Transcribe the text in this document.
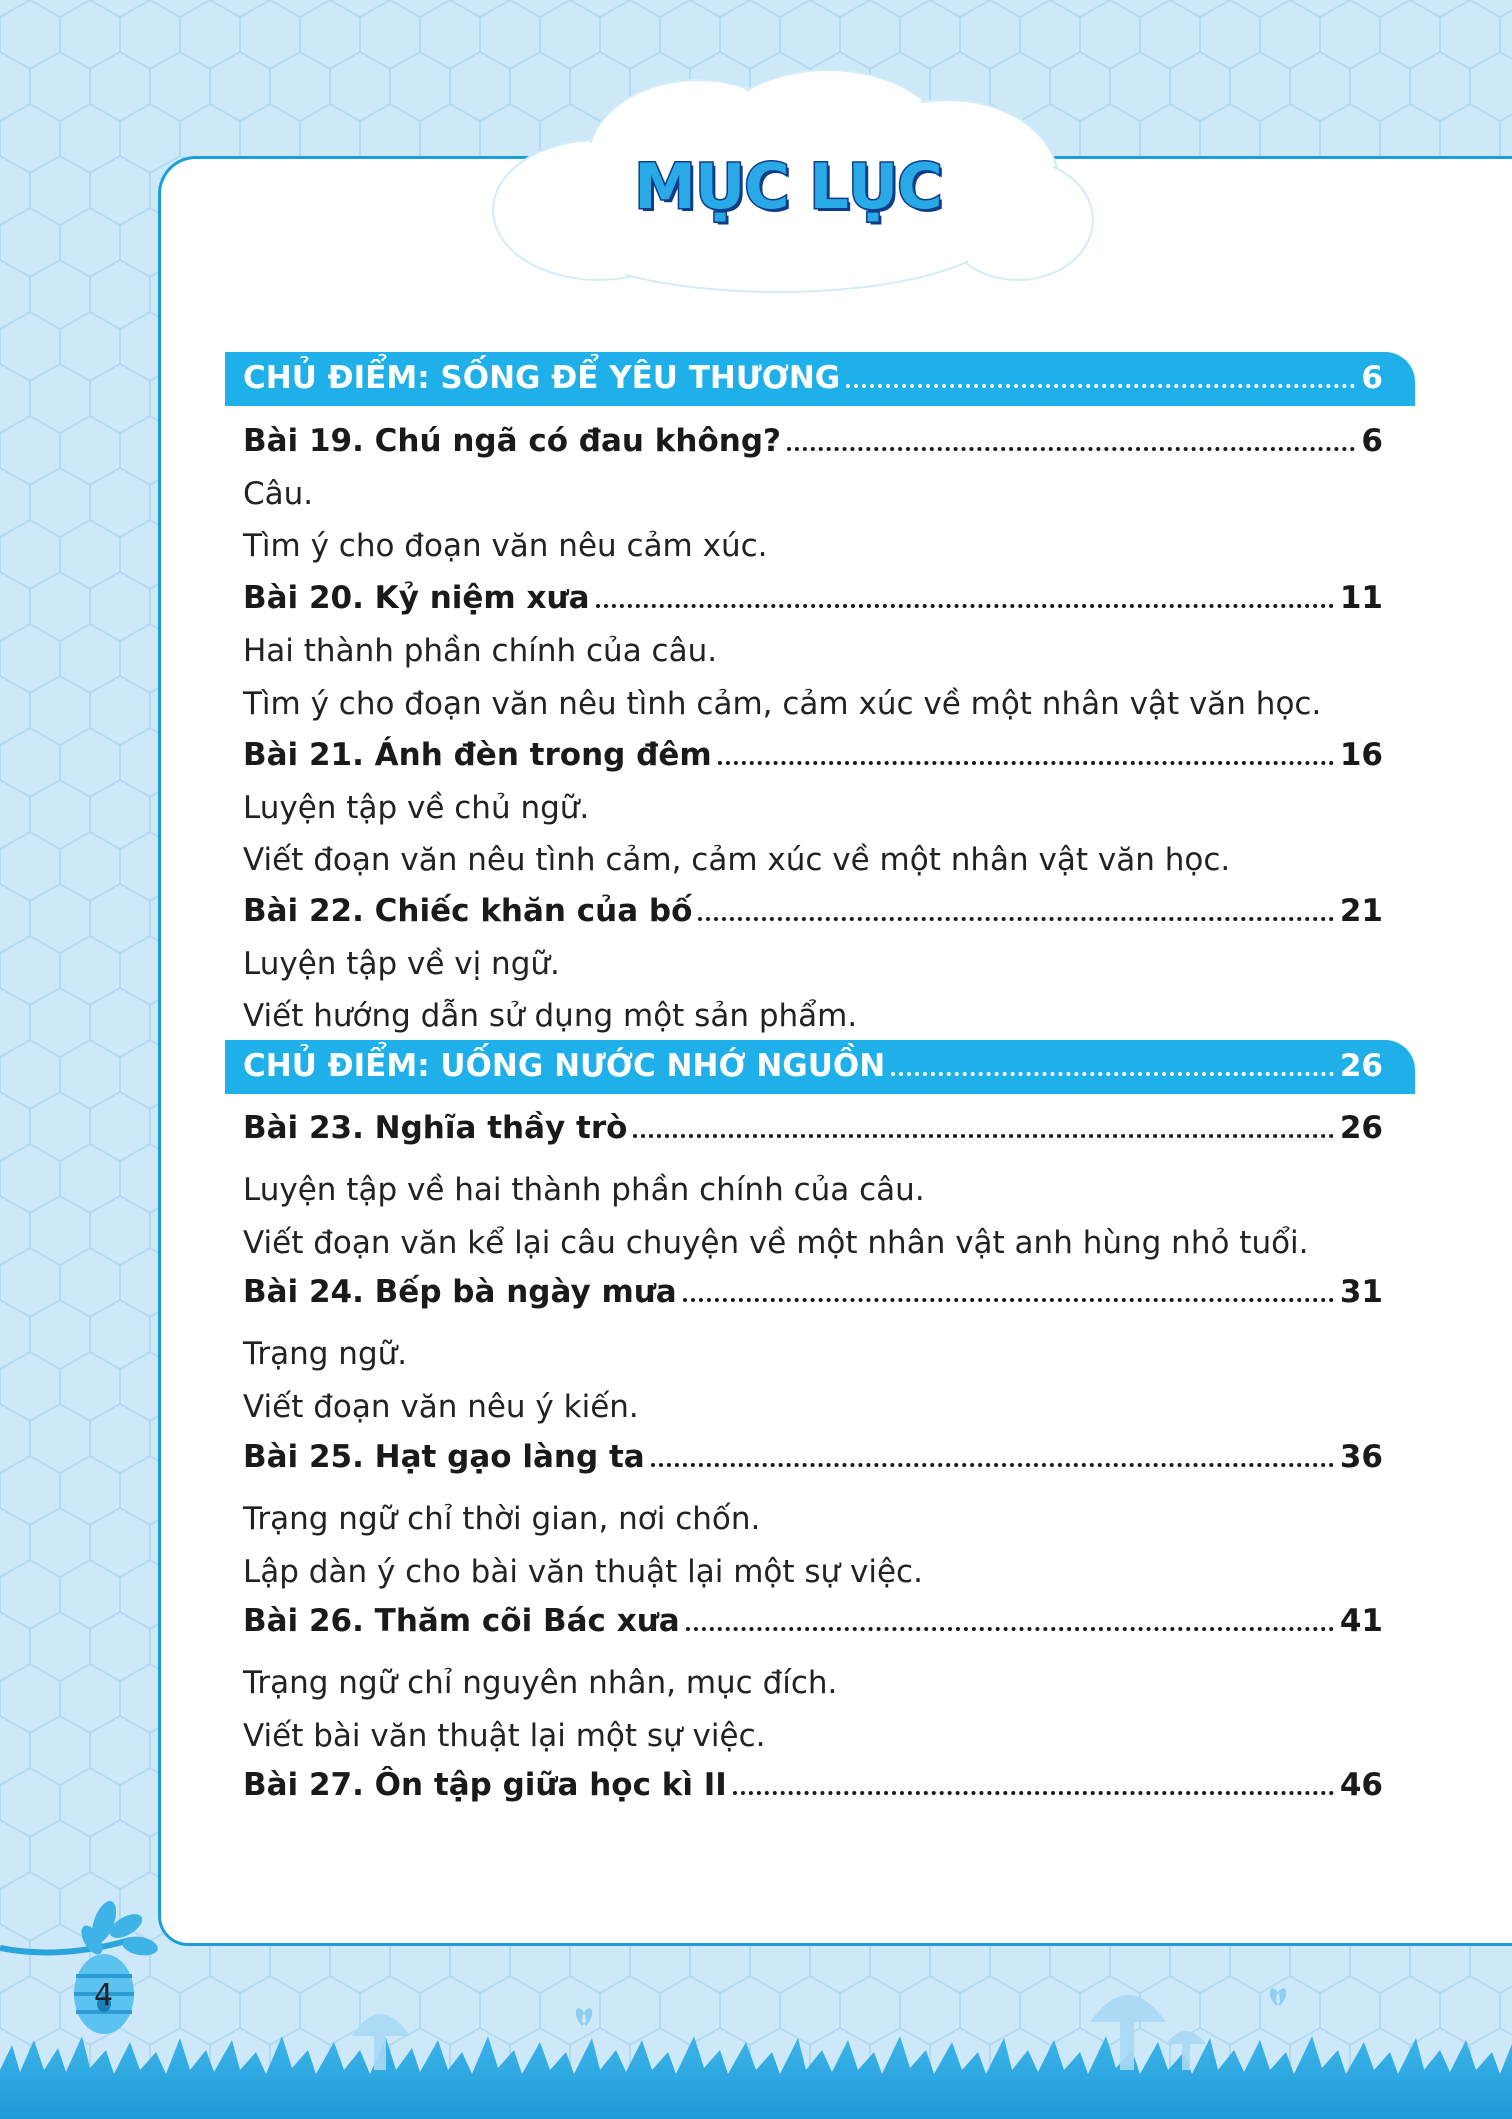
MỤC LỤC
CHỦ ĐIỂM: SỐNG ĐỂ YÊU THƯƠNG	6
Bài 19. Chú ngã có đau không?	6
Câu.
Tìm ý cho đoạn văn nêu cảm xúc.
Bài 20. Kỷ niệm xưa	11
Hai thành phần chính của câu.
Tìm ý cho đoạn văn nêu tình cảm, cảm xúc về một nhân vật văn học.
Bài 21. Ánh đèn trong đêm	16
Luyện tập về chủ ngữ.
Viết đoạn văn nêu tình cảm, cảm xúc về một nhân vật văn học.
Bài 22. Chiếc khăn của bố	21
Luyện tập về vị ngữ.
Viết hướng dẫn sử dụng một sản phẩm.
CHỦ ĐIỂM: UỐNG NƯỚC NHỚ NGUỒN	26
Bài 23. Nghĩa thầy trò	26
Luyện tập về hai thành phần chính của câu.
Viết đoạn văn kể lại câu chuyện về một nhân vật anh hùng nhỏ tuổi.
Bài 24. Bếp bà ngày mưa	31
Trạng ngữ.
Viết đoạn văn nêu ý kiến.
Bài 25. Hạt gạo làng ta	36
Trạng ngữ chỉ thời gian, nơi chốn.
Lập dàn ý cho bài văn thuật lại một sự việc.
Bài 26. Thăm cõi Bác xưa	41
Trạng ngữ chỉ nguyên nhân, mục đích.
Viết bài văn thuật lại một sự việc.
Bài 27. Ôn tập giữa học kì II	46
4
